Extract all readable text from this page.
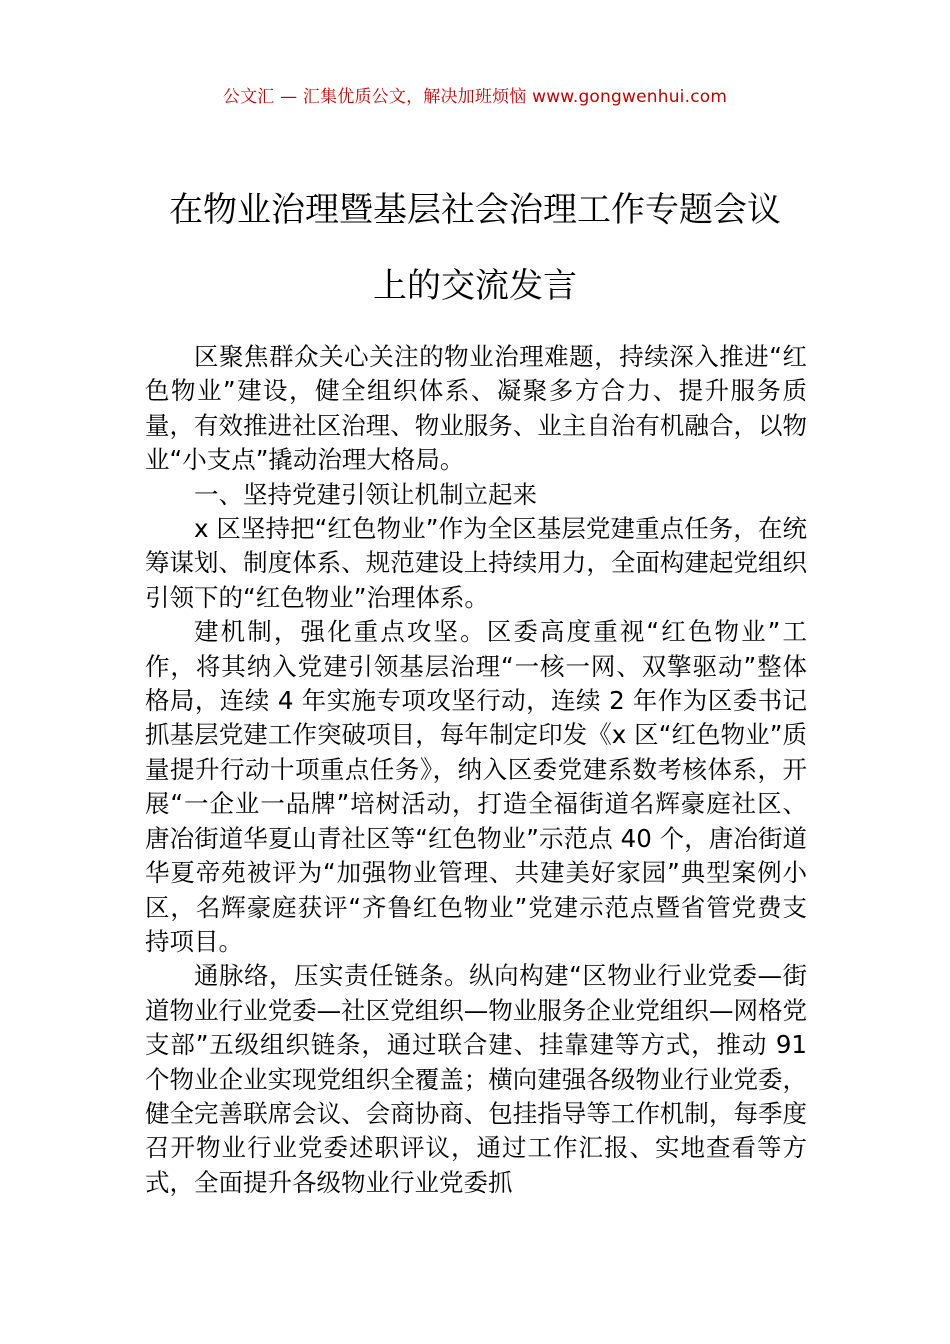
公文汇 — 汇集优质公文，解决加班烦恼 www.gongwenhui.com
在物业治理暨基层社会治理工作专题会议
上的交流发言

区聚焦群众关心关注的物业治理难题，持续深入推进“红色物业”建设，健全组织体系、凝聚多方合力、提升服务质量，有效推进社区治理、物业服务、业主自治有机融合，以物业“小支点”撬动治理大格局。

一、坚持党建引领让机制立起来

x 区坚持把“红色物业”作为全区基层党建重点任务，在统筹谋划、制度体系、规范建设上持续用力，全面构建起党组织引领下的“红色物业”治理体系。

建机制，强化重点攻坚。区委高度重视“红色物业”工作，将其纳入党建引领基层治理“一核一网、双擎驱动”整体格局，连续 4 年实施专项攻坚行动，连续 2 年作为区委书记抓基层党建工作突破项目，每年制定印发《x 区“红色物业”质量提升行动十项重点任务》，纳入区委党建系数考核体系，开展“一企业一品牌”培树活动，打造全福街道名辉豪庭社区、唐冶街道华夏山青社区等“红色物业”示范点 40 个，唐冶街道华夏帝苑被评为“加强物业管理、共建美好家园”典型案例小区，名辉豪庭获评“齐鲁红色物业”党建示范点暨省管党费支持项目。

通脉络，压实责任链条。纵向构建“区物业行业党委—街道物业行业党委—社区党组织—物业服务企业党组织—网格党支部”五级组织链条，通过联合建、挂靠建等方式，推动 91 个物业企业实现党组织全覆盖；横向建强各级物业行业党委，健全完善联席会议、会商协商、包挂指导等工作机制，每季度召开物业行业党委述职评议，通过工作汇报、实地查看等方式，全面提升各级物业行业党委抓
